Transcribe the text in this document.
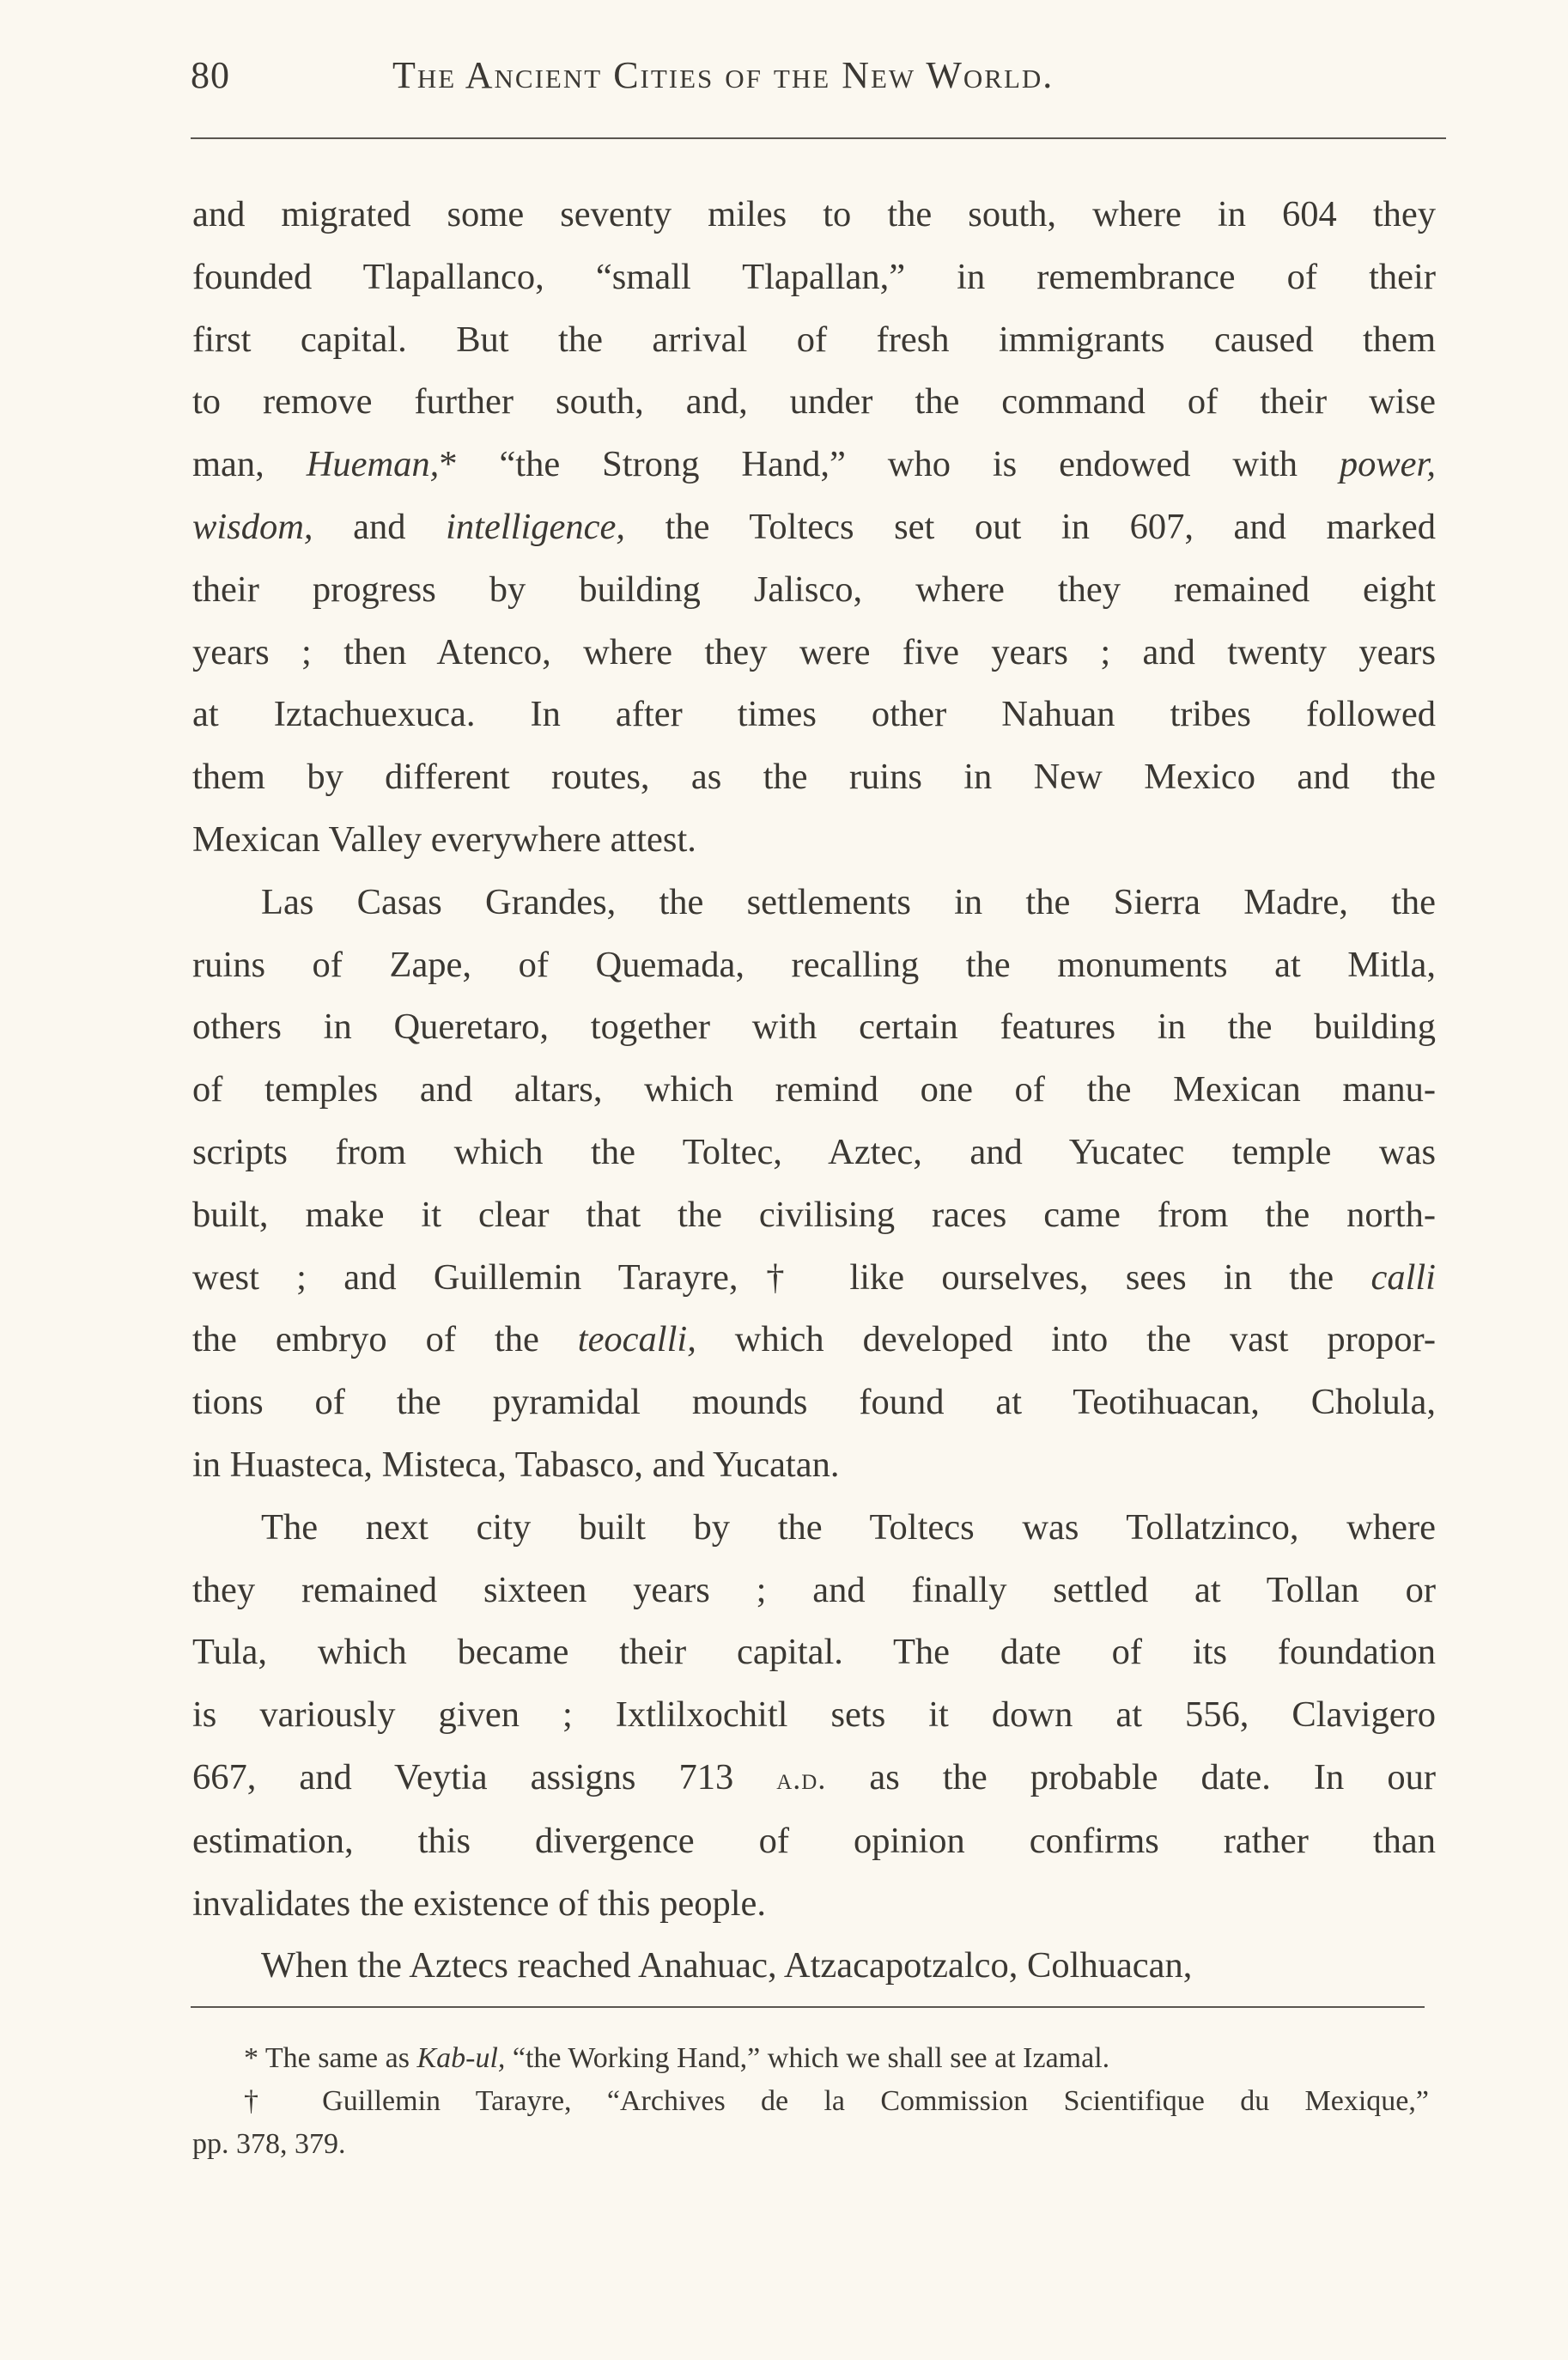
80	The Ancient Cities of the New World.

and migrated some seventy miles to the south, where in 604 they
founded Tlapallanco, “small Tlapallan,” in remembrance of their
first capital. But the arrival of fresh immigrants caused them
to remove further south, and, under the command of their wise
man, Hueman,* “the Strong Hand,” who is endowed with power,
wisdom, and intelligence, the Toltecs set out in 607, and marked
their progress by building Jalisco, where they remained eight
years ; then Atenco, where they were five years ; and twenty years
at Iztachuexuca. In after times other Nahuan tribes followed
them by different routes, as the ruins in New Mexico and the
Mexican Valley everywhere attest.

Las Casas Grandes, the settlements in the Sierra Madre, the
ruins of Zape, of Quemada, recalling the monuments at Mitla,
others in Queretaro, together with certain features in the building
of temples and altars, which remind one of the Mexican manu-
scripts from which the Toltec, Aztec, and Yucatec temple was
built, make it clear that the civilising races came from the north-
west ; and Guillemin Tarayre,† like ourselves, sees in the calli
the embryo of the teocalli, which developed into the vast propor-
tions of the pyramidal mounds found at Teotihuacan, Cholula,
in Huasteca, Misteca, Tabasco, and Yucatan.

The next city built by the Toltecs was Tollatzinco, where
they remained sixteen years ; and finally settled at Tollan or
Tula, which became their capital. The date of its foundation
is variously given ; Ixtlilxochitl sets it down at 556, Clavigero
667, and Veytia assigns 713 a.d. as the probable date. In our
estimation, this divergence of opinion confirms rather than
invalidates the existence of this people.

When the Aztecs reached Anahuac, Atzacapotzalco, Colhuacan,

* The same as Kab-ul, “the Working Hand,” which we shall see at Izamal.
† Guillemin Tarayre, “Archives de la Commission Scientifique du Mexique,”
pp. 378, 379.
